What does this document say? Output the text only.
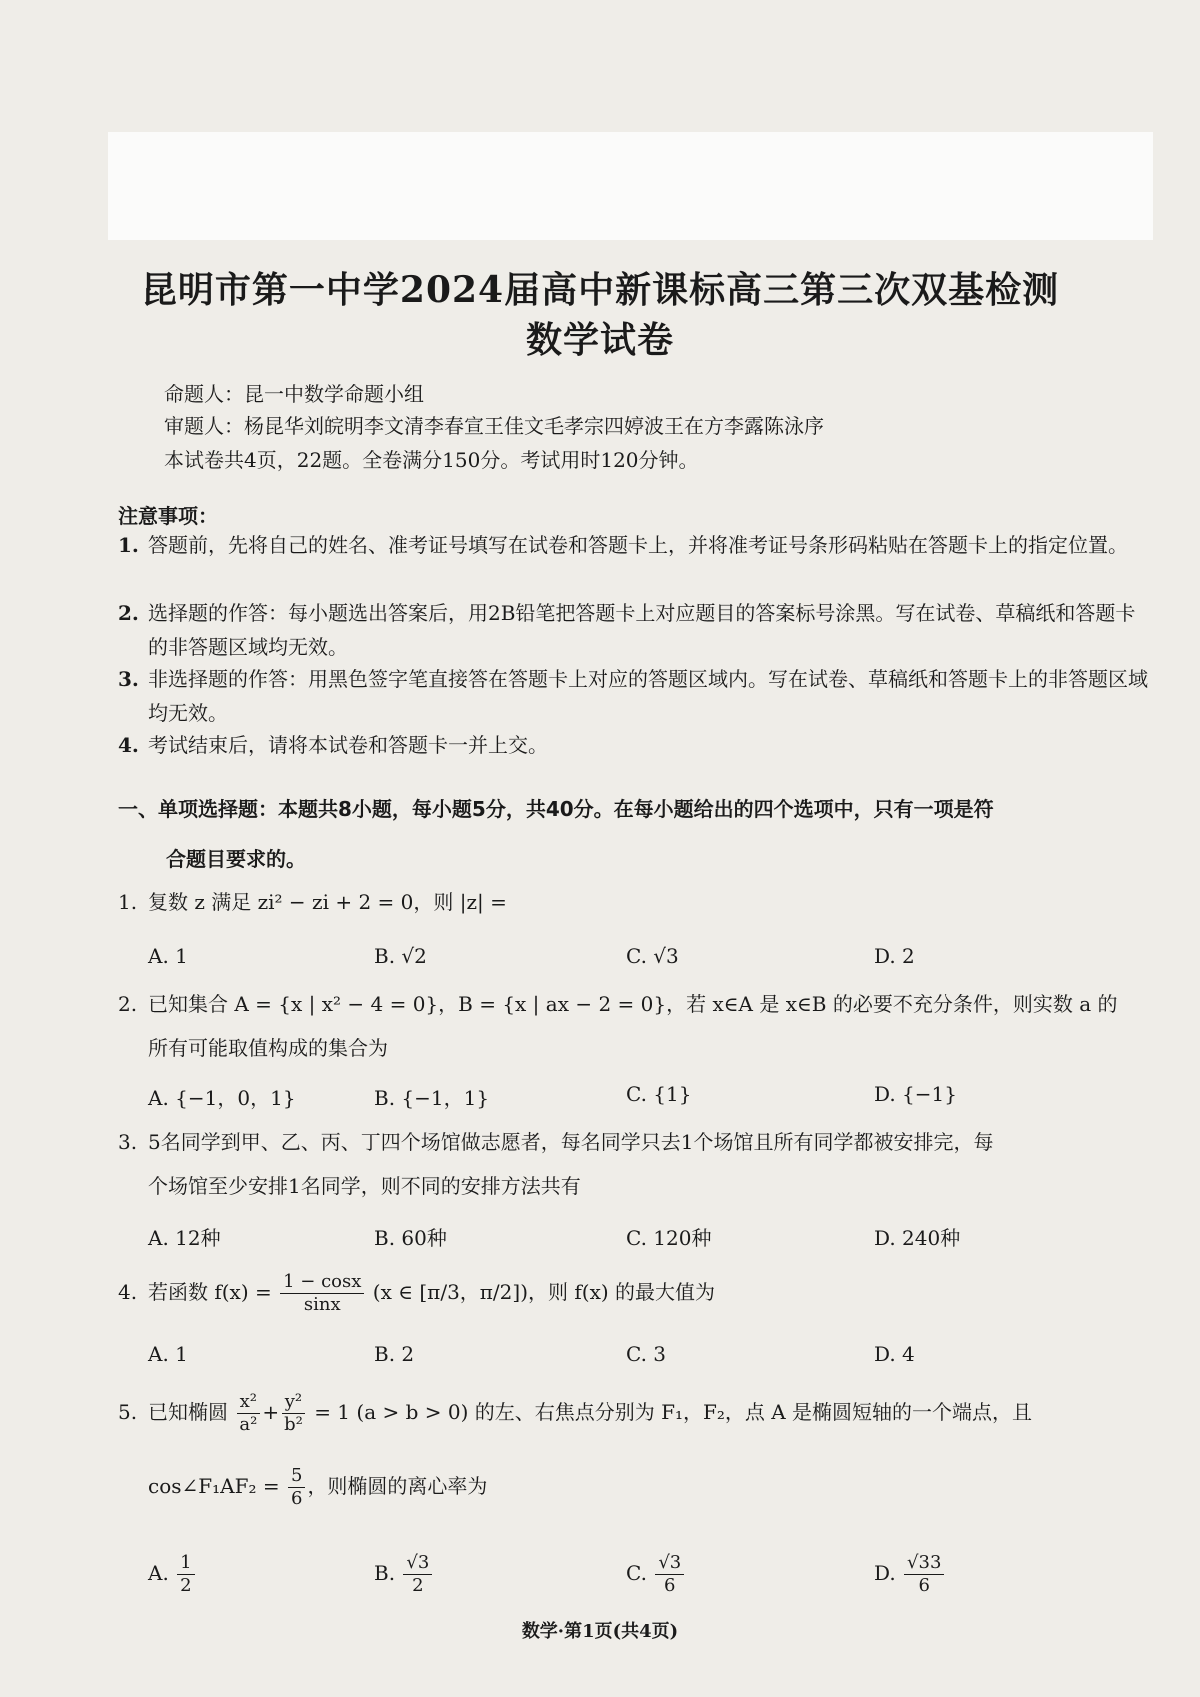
昆明市第一中学2024届高中新课标高三第三次双基检测
数学试卷
命题人：昆一中数学命题小组
审题人：杨昆华刘皖明李文清李春宣王佳文毛孝宗四婷波王在方李露陈泳序
本试卷共4页，22题。全卷满分150分。考试用时120分钟。
注意事项：
1. 答题前，先将自己的姓名、准考证号填写在试卷和答题卡上，并将准考证号条形码粘贴在答题卡上的指定位置。
2. 选择题的作答：每小题选出答案后，用2B铅笔把答题卡上对应题目的答案标号涂黑。写在试卷、草稿纸和答题卡的非答题区域均无效。
3. 非选择题的作答：用黑色签字笔直接答在答题卡上对应的答题区域内。写在试卷、草稿纸和答题卡上的非答题区域均无效。
4. 考试结束后，请将本试卷和答题卡一并上交。
一、单项选择题：本题共8小题，每小题5分，共40分。在每小题给出的四个选项中，只有一项是符
合题目要求的。
1. 复数 z 满足 zi² − zi + 2 = 0，则 |z| =
A. 1	B. √2	C. √3	D. 2
2. 已知集合 A = {x | x² − 4 = 0}，B = {x | ax − 2 = 0}，若 x∈A 是 x∈B 的必要不充分条件，则实数 a 的
所有可能取值构成的集合为
A. {−1，0，1}	B. {−1，1}	C. {1}	D. {−1}
3. 5名同学到甲、乙、丙、丁四个场馆做志愿者，每名同学只去1个场馆且所有同学都被安排完，每
个场馆至少安排1名同学，则不同的安排方法共有
A. 12种	B. 60种	C. 120种	D. 240种
4. 若函数 $f(x) = \frac{1 - \cos x}{\sin x} (x$ ∈ [π/3，π/2])，则 f(x) 的最大值为
A. 1	B. 2	C. 3	D. 4
5. 已知椭圆 $\frac{\text{x²}}{\text{a²}} + \frac{\text{y²}}{\text{b²}} = 1$ (a > b > 0) 的左、右焦点分别为 F₁，F₂，点 A 是椭圆短轴的一个端点，且
cos∠F₁AF₂ = $\frac{5}{6}$ ，则椭圆的离心率为
A. $\frac{1}{2}$	B. $\frac{√3}{2}$	C. $\frac{√3}{6}$	D. $\frac{√33}{6}$
数学·第1页(共4页)
